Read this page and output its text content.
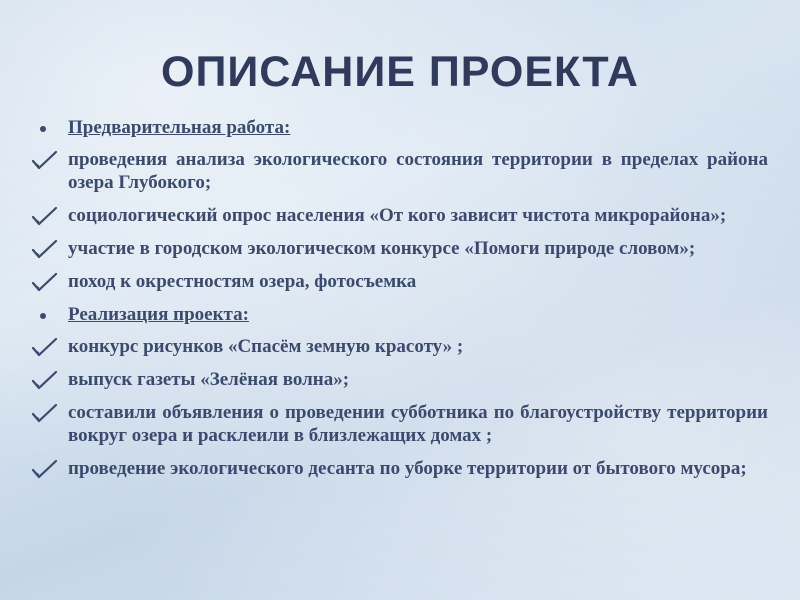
ОПИСАНИЕ ПРОЕКТА
Предварительная работа:
проведения анализа экологического состояния территории в пределах района озера Глубокого;
социологический опрос населения «От кого зависит чистота микрорайона»;
участие в городском экологическом конкурсе «Помоги природе словом»;
поход к окрестностям озера, фотосъемка
Реализация проекта:
конкурс рисунков «Спасём земную красоту» ;
выпуск газеты «Зелёная волна»;
составили объявления о проведении субботника по благоустройству территории вокруг озера и расклеили в близлежащих домах ;
проведение экологического десанта по уборке территории от бытового мусора;
